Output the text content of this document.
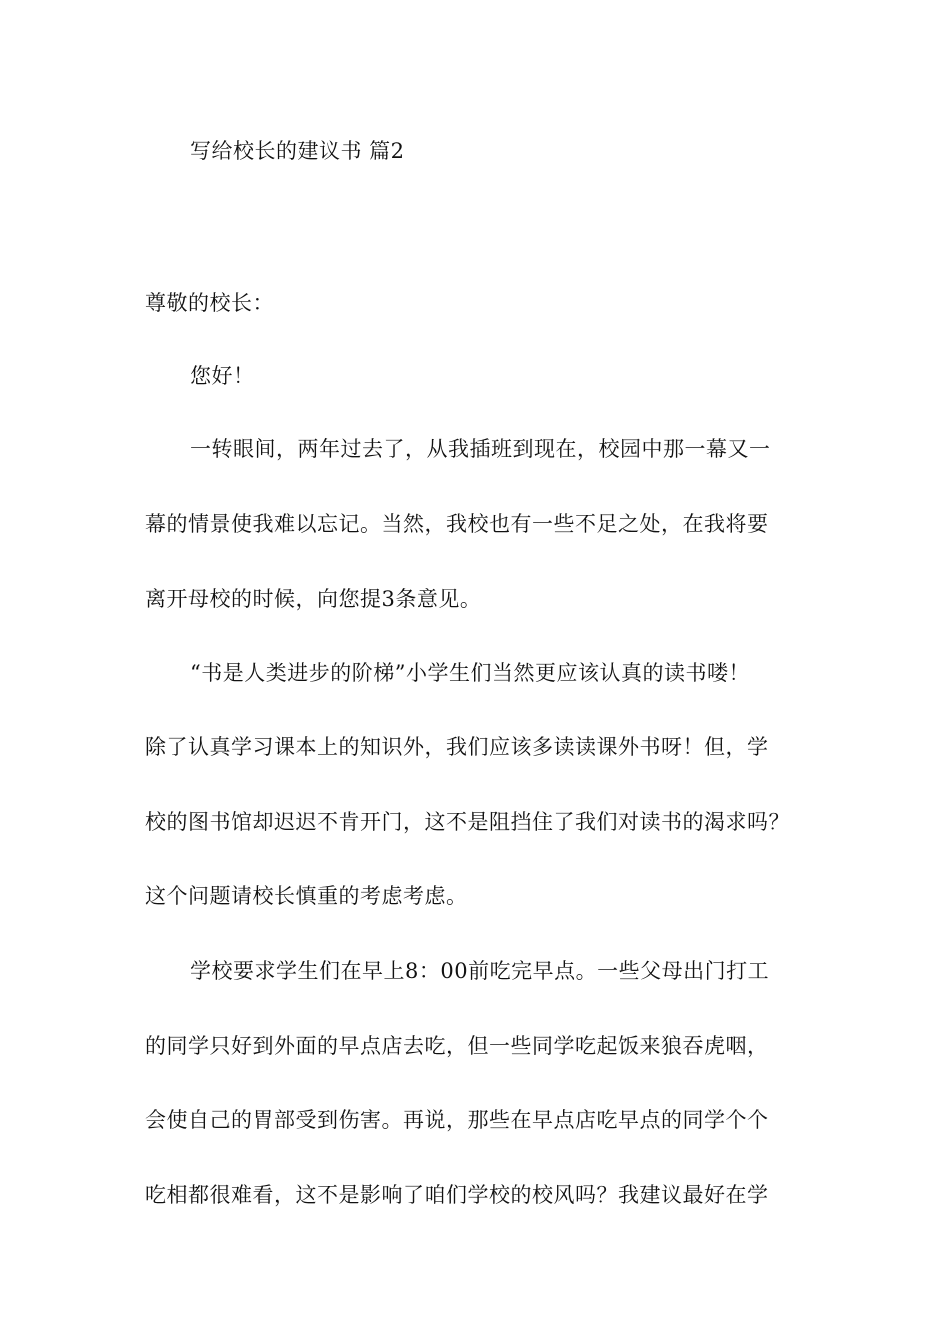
写给校长的建议书 篇2

尊敬的校长：

您好！

一转眼间，两年过去了，从我插班到现在，校园中那一幕又一

幕的情景使我难以忘记。当然，我校也有一些不足之处，在我将要

离开母校的时候，向您提3条意见。

“书是人类进步的阶梯”小学生们当然更应该认真的读书喽！

除了认真学习课本上的知识外，我们应该多读读课外书呀！但，学

校的图书馆却迟迟不肯开门，这不是阻挡住了我们对读书的渴求吗？

这个问题请校长慎重的考虑考虑。

学校要求学生们在早上8：00前吃完早点。一些父母出门打工

的同学只好到外面的早点店去吃，但一些同学吃起饭来狼吞虎咽，

会使自己的胃部受到伤害。再说，那些在早点店吃早点的同学个个

吃相都很难看，这不是影响了咱们学校的校风吗？我建议最好在学
